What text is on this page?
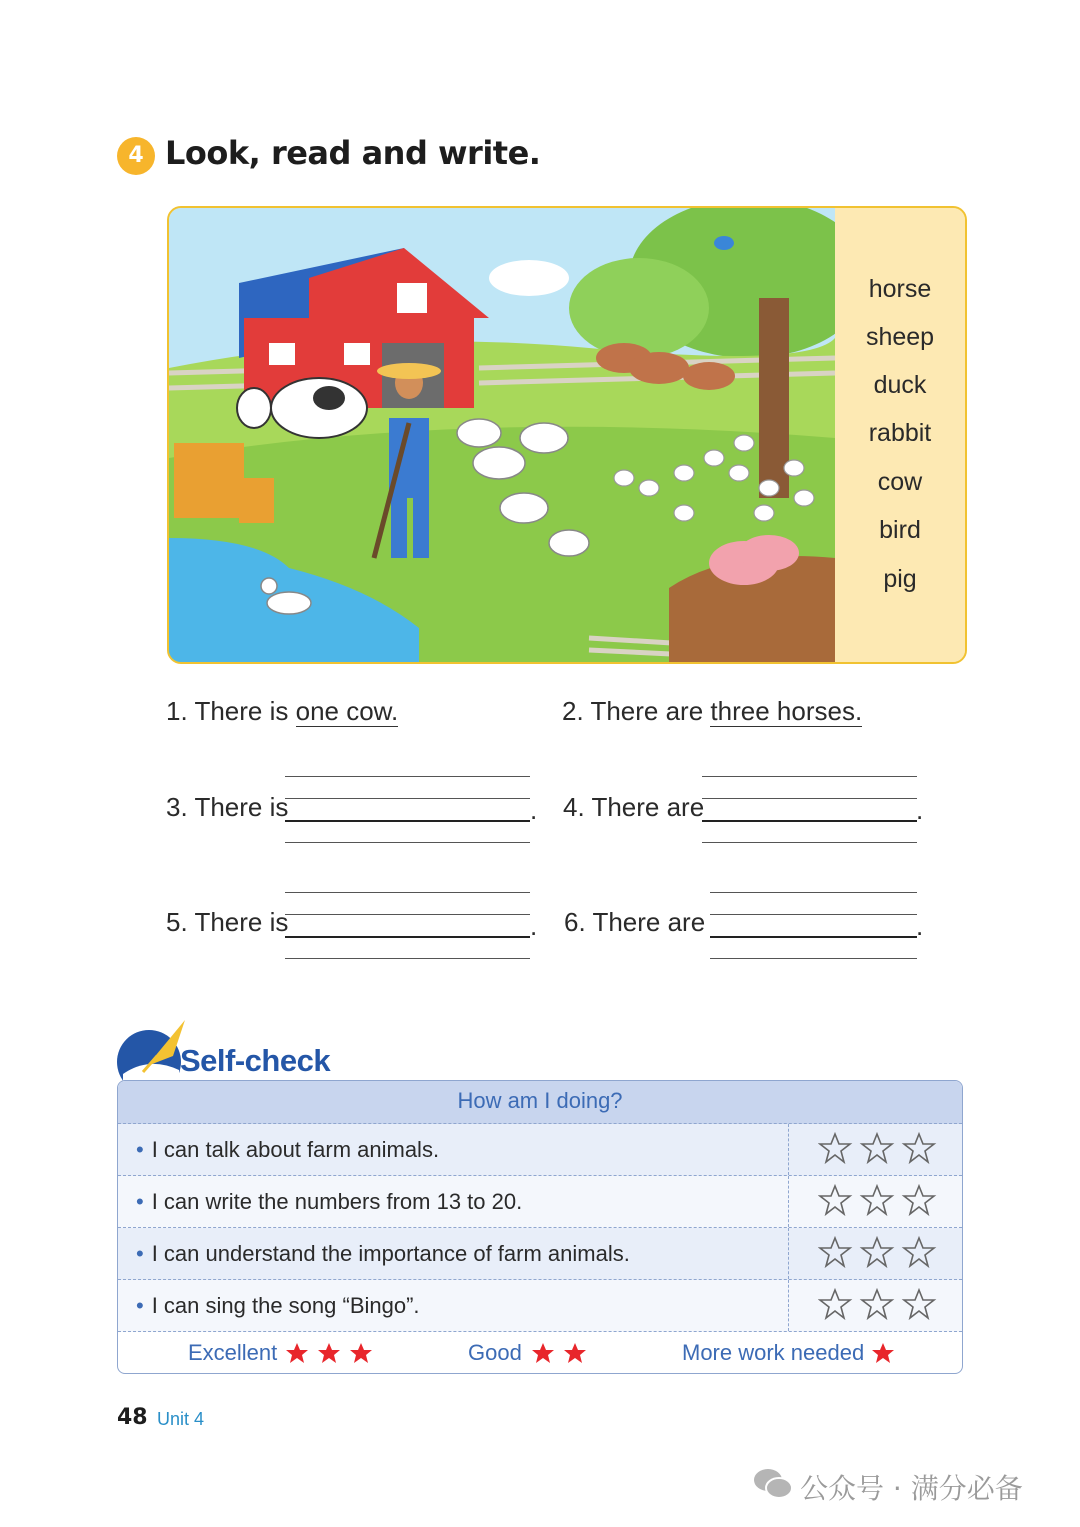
4 Look, read and write.
horse
sheep
duck
rabbit
cow
bird
pig
1. There is one cow.	2. There are three horses.
3. There is	. 4. There are	.
5. There is	. 6. There are	.
Self-check
How am I doing?
• I can talk about farm animals.
• I can write the numbers from 13 to 20.
• I can understand the importance of farm animals.
• I can sing the song “Bingo”.
Excellent	Good	More work needed
48 Unit 4
公众号 · 满分必备
